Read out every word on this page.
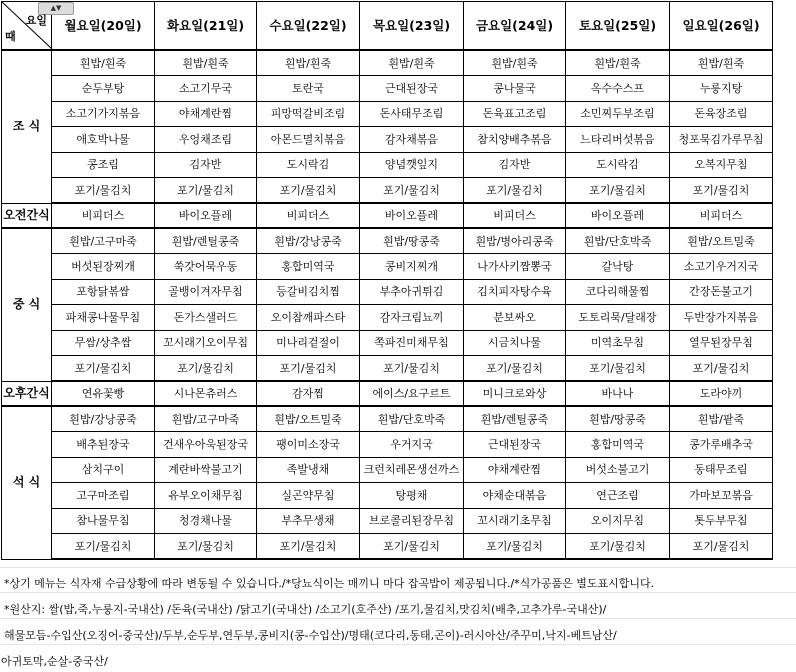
▲▼
요일
때	월요일(20일)	화요일(21일)	수요일(22일)	목요일(23일)	금요일(24일)	토요일(25일)	일요일(26일)
조 식	흰밥/흰죽	흰밥/흰죽	흰밥/흰죽	흰밥/흰죽	흰밥/흰죽	흰밥/흰죽	흰밥/흰죽
	순두부탕	소고기무국	토란국	근대된장국	콩나물국	옥수수스프	누룽지탕
	소고기가지볶음	야채계란찜	피망떡갈비조림	돈사태무조림	돈육표고조림	소민찌두부조림	돈육장조림
	애호박나물	우엉채조림	아몬드멸치볶음	감자채볶음	참치양배추볶음	느타리버섯볶음	청포묵김가루무침
	콩조림	김자반	도시락김	양념깻잎지	김자반	도시락김	오복지무침
	포기/물김치	포기/물김치	포기/물김치	포기/물김치	포기/물김치	포기/물김치	포기/물김치
오전간식	비피더스	바이오플레	비피더스	바이오플레	비피더스	바이오플레	비피더스
중 식	흰밥/고구마죽	흰밥/렌틸콩죽	흰밥/강낭콩죽	흰밥/땅콩죽	흰밥/병아리콩죽	흰밥/단호박죽	흰밥/오트밀죽
	버섯된장찌개	쑥갓어묵우동	홍합미역국	콩비지찌개	나가사키짬뽕국	갈낙탕	소고기우거지국
	포항닭볶쌈	골뱅이겨자무침	등갈비김치찜	부추아귀튀김	김치피자탕수육	코다리해물찜	간장돈불고기
	파채콩나물무침	돈가스샐러드	오이참깨파스타	감자크림뇨끼	분보싸오	도토리묵/달래장	두반장가지볶음
	무쌈/상추쌈	꼬시래기오이무침	미나리겉절이	쪽파진미채무침	시금치나물	미역초무침	열무된장무침
	포기/물김치	포기/물김치	포기/물김치	포기/물김치	포기/물김치	포기/물김치	포기/물김치
오후간식	연유꽃빵	시나몬츄러스	감자찜	에이스/요구르트	미니크로와상	바나나	도라야끼
석 식	흰밥/강낭콩죽	흰밥/고구마죽	흰밥/오트밀죽	흰밥/단호박죽	흰밥/렌틸콩죽	흰밥/땅콩죽	흰밥/팥죽
	배추된장국	건새우아욱된장국	팽이미소장국	우거지국	근대된장국	홍합미역국	콩가루배추국
	삼치구이	계란바싹불고기	족발냉채	크런치레몬생선까스	야채계란찜	버섯소불고기	동태무조림
	고구마조림	유부오이채무침	실곤약무침	탕평채	야채순대볶음	연근조림	가마보꼬볶음
	참나물무침	청경채나물	부추무생채	브로콜리된장무침	꼬시래기초무침	오이지무침	톳두부무침
	포기/물김치	포기/물김치	포기/물김치	포기/물김치	포기/물김치	포기/물김치	포기/물김치
*상기 메뉴는 식자재 수급상황에 따라 변동될 수 있습니다./*당뇨식이는 매끼니 마다 잡곡밥이 제공됩니다./*식가공품은 별도표시합니다.
*원산지: 쌀(밥,죽,누룽지-국내산) /돈육(국내산) /닭고기(국내산) /소고기(호주산) /포기,물김치,맛김치(배추,고추가루-국내산)/
해물모듬-수입산(오징어-중국산)/두부,순두부,연두부,콩비지(콩-수입산)/명태(코다리,동태,곤이)-러시아산/주꾸미,낙지-베트남산/
아귀토막,순살-중국산/
